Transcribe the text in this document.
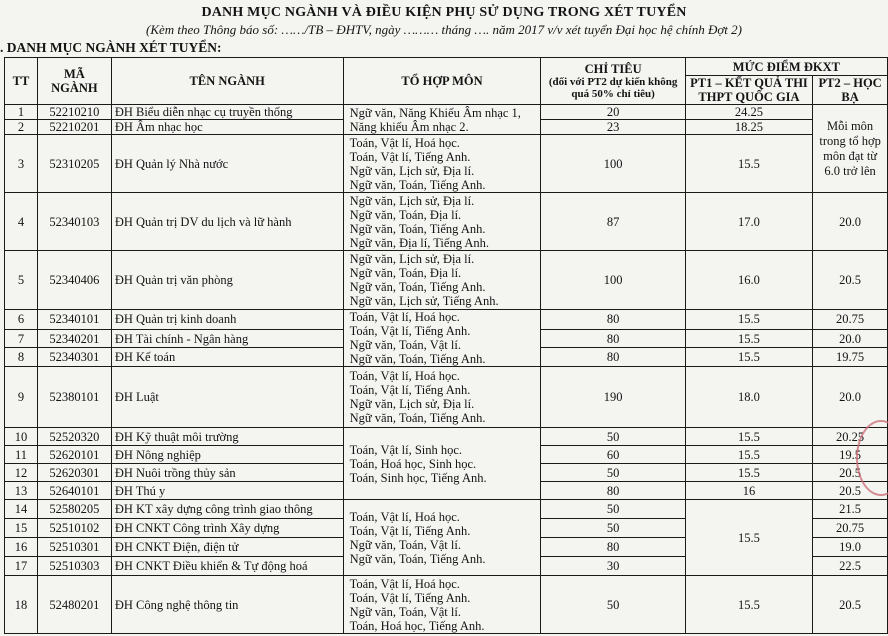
DANH MỤC NGÀNH VÀ ĐIỀU KIỆN PHỤ SỬ DỤNG TRONG XÉT TUYỂN
(Kèm theo Thông báo số: ……/TB – ĐHTV, ngày ……… tháng …. năm 2017 v/v xét tuyển Đại học hệ chính Đợt 2)
. DANH MỤC NGÀNH XÉT TUYỂN:
TT	MÃ NGÀNH	TÊN NGÀNH	TỔ HỢP MÔN	CHỈ TIÊU
(đối với PT2 dự kiến không quá 50% chỉ tiêu)	MỨC ĐIỂM ĐKXT	
					PT1 – KẾT QUẢ THI THPT QUỐC GIA	PT2 – HỌC BẠ
1	52210210	ĐH Biểu diễn nhạc cụ truyền thống	Ngữ văn, Năng Khiếu Âm nhạc 1,
Năng khiếu Âm nhạc 2.	20	24.25	Mỗi môn trong tổ hợp môn đạt từ 6.0 trở lên
2	52210201	ĐH Âm nhạc học		23	18.25	
3	52310205	ĐH Quản lý Nhà nước	Toán, Vật lí, Hoá học.
Toán, Vật lí, Tiếng Anh.
Ngữ văn, Lịch sử, Địa lí.
Ngữ văn, Toán, Tiếng Anh.	100	15.5	
4	52340103	ĐH Quản trị DV du lịch và lữ hành	Ngữ văn, Lịch sử, Địa lí.
Ngữ văn, Toán, Địa lí.
Ngữ văn, Toán, Tiếng Anh.
Ngữ văn, Địa lí, Tiếng Anh.	87	17.0	20.0
5	52340406	ĐH Quản trị văn phòng	Ngữ văn, Lịch sử, Địa lí.
Ngữ văn, Toán, Địa lí.
Ngữ văn, Toán, Tiếng Anh.
Ngữ văn, Lịch sử, Tiếng Anh.	100	16.0	20.5
6	52340101	ĐH Quản trị kinh doanh	Toán, Vật lí, Hoá học.
Toán, Vật lí, Tiếng Anh.
Ngữ văn, Toán, Vật lí.
Ngữ văn, Toán, Tiếng Anh.	80	15.5	20.75
7	52340201	ĐH Tài chính - Ngân hàng		80	15.5	20.0
8	52340301	ĐH Kế toán		80	15.5	19.75
9	52380101	ĐH Luật	Toán, Vật lí, Hoá học.
Toán, Vật lí, Tiếng Anh.
Ngữ văn, Lịch sử, Địa lí.
Ngữ văn, Toán, Tiếng Anh.	190	18.0	20.0
10	52520320	ĐH Kỹ thuật môi trường	Toán, Vật lí, Sinh học.
Toán, Hoá học, Sinh học.
Toán, Sinh học, Tiếng Anh.	50	15.5	20.25
11	52620101	ĐH Nông nghiệp		60	15.5	19.5
12	52620301	ĐH Nuôi trồng thủy sản		50	15.5	20.5
13	52640101	ĐH Thú y		80	16	20.5
14	52580205	ĐH KT xây dựng công trình giao thông	Toán, Vật lí, Hoá học.
Toán, Vật lí, Tiếng Anh.
Ngữ văn, Toán, Vật lí.
Ngữ văn, Toán, Tiếng Anh.	50	15.5	21.5
15	52510102	ĐH CNKT Công trình Xây dựng		50		20.75
16	52510301	ĐH CNKT Điện, điện tử		80		19.0
17	52510303	ĐH CNKT Điều khiển & Tự động hoá		30		22.5
18	52480201	ĐH Công nghệ thông tin	Toán, Vật lí, Hoá học.
Toán, Vật lí, Tiếng Anh.
Ngữ văn, Toán, Vật lí.
Toán, Hoá học, Tiếng Anh.	50	15.5	20.5
